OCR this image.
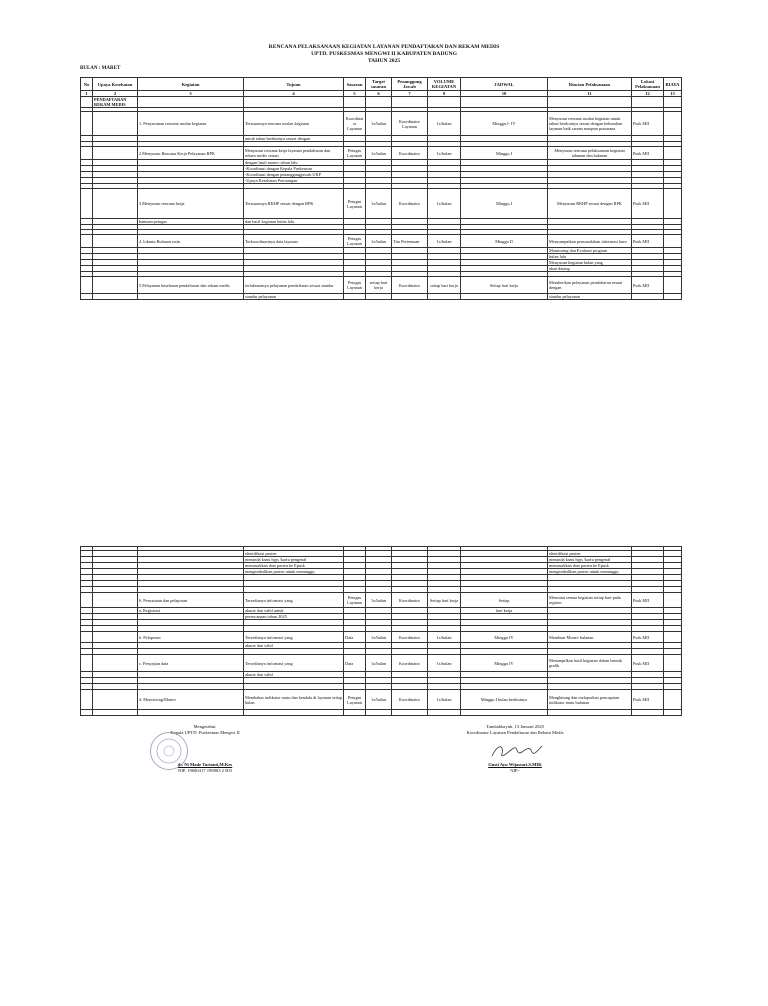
RENCANA PELAKSANAAN KEGIATAN LAYANAN PENDAFTARAN DAN REKAM MEDIS
UPTD. PUSKESMAS MENGWI II KABUPATEN BADUNG
TAHUN 2025
BULAN : MARET
No	Upaya Kesehatan	Kegiatan	Tujuan	Sasaran	Target sasaran	Penanggung Jawab	VOLUME KEGIATAN	JADWAL	Rincian Pelaksanaan	Lokasi Pelaksanaan	BIAYA
1	2	3	4	5	6	7	9	10	11	12	13
	PENDAFTARAN REKAM MEDIS										

		1. Penyusunan rencana usulan kegiatan	Tersusunnya rencana usulan kegiatan	Koordinator Layanan	1x/bulan	Koordinator Layanan	1x/bulan	Minggu I- IV	Menyusun rencana usulan kegiatan untuk tahun berikutnya sesuai dengan kebutuhan layanan baik sarana maupun prasarana	Pusk MII	
			untuk tahun berikutnya sesuai dengan								

		2.Menyusun Rencana Kerja Pelayanan RPK	Menyusun rencana kerja layanan pendaftaran dan rekam medis sesuai	Petugas Layanan	1x/bulan	Koordinator	1x/bulan	Minggu I	Menyusun rencana pelaksanaan kegiatan tahunan dan bulanan	Pusk MII	
			dengan hasil monev tahun lalu								
			-Koordinasi dengan Kepala Puskesmas								
			-Koordinasi dengan penanggungjawab UKP								
			-Upaya Kesehatan Perorangan								

		3.Menyusun rencana kerja	Tersusunnya RKHP sesuai dengan RPK	Petugas Layanan	1x/bulan	Koordinator	1x/bulan	Minggu I	Menyusun RKHP sesuai dengan RPK	Pusk MII	
		bantuan petugas	dan hasil kegiatan bulan lalu								

		4. lokmin Bulanan rutin	Terkoordinasinya data layanan	Petugas Layanan	1x/bulan	Tim Pertemuan	1x/bulan	Minggu II	Menyampaikan permasalahan informasi baru	Pusk MII	
									Monitoring dan Evaluasi program		
									bulan lalu		
									Menyusun kegiatan bulan yang		
									akan datang		

		5.Pelayanan kesehatan pendaftaran dan rekam medis	terlaksananya pelayanan pendaftaran sesuai standar	Petugas Layanan	setiap hari kerja	Koordinator	setiap hari kerja	Setiap hari kerja	Memberikan pelayanan pendaftaran sesuai dengan	Pusk MII	
			standar pelayanan						standar pelayanan		

			identifikasi pasien						identifikasi pasien		
			menanda kartu bpjs /kartu pengenal						menanda kartu bpjs /kartu pengenal		
			memasukkan data pasien ke Epusk						memasukkan data pasien ke Epusk		
			mengembalikan pasien untuk menunggu						mengembalikan pasien untuk menunggu		

		6. Pencatatan dan pelaporan	Tersedianya informasi yang	Petugas Layanan	1x/bulan	Koordinator	Setiap hari kerja	Setiap	Mencatat semua kegiatan setiap hari pada register	Pusk MII	
		a. Registrasi	akurat dan valid untuk					hari kerja			
			perencanaan tahun 2025								

		b. Pelaporan	Tersedianya informasi yang	Data	1x/bulan	Koordinator	1x/bulan	Minggu IV	Membuat Monev bulanan	Pusk MII	
			akurat dan valid								

		c. Penyajian data	Tersedianya informasi yang	Data	1x/bulan	Koordinator	1x/bulan	Minggu IV	Menampilkan hasil kegiatan dalam bentuk grafik	Pusk MII	
			akurat dan valid								

		d. Monitoring/Monev	Membahas indikator mutu dan kendala di layanan setiap bulan	Petugas Layanan	1x/bulan	Koordinator	1x/bulan	Minggu I bulan berikutnya	Menghitung dan melaporkan pencapaian indikator mutu bulanan	Pusk MII	

Mengetahui,
Kepala UPTD. Puskesmas Mengwi II
dr. Ni Made Tarianti,M.Kes
NIP. 19680417 199803 2 003
Tumbakbayuh, 13 Januari 2025
Koordinator Layanan Pendaftaran dan Rekam Medis
Gusti Ayu Wijastari.S.MIK
NIP.-
